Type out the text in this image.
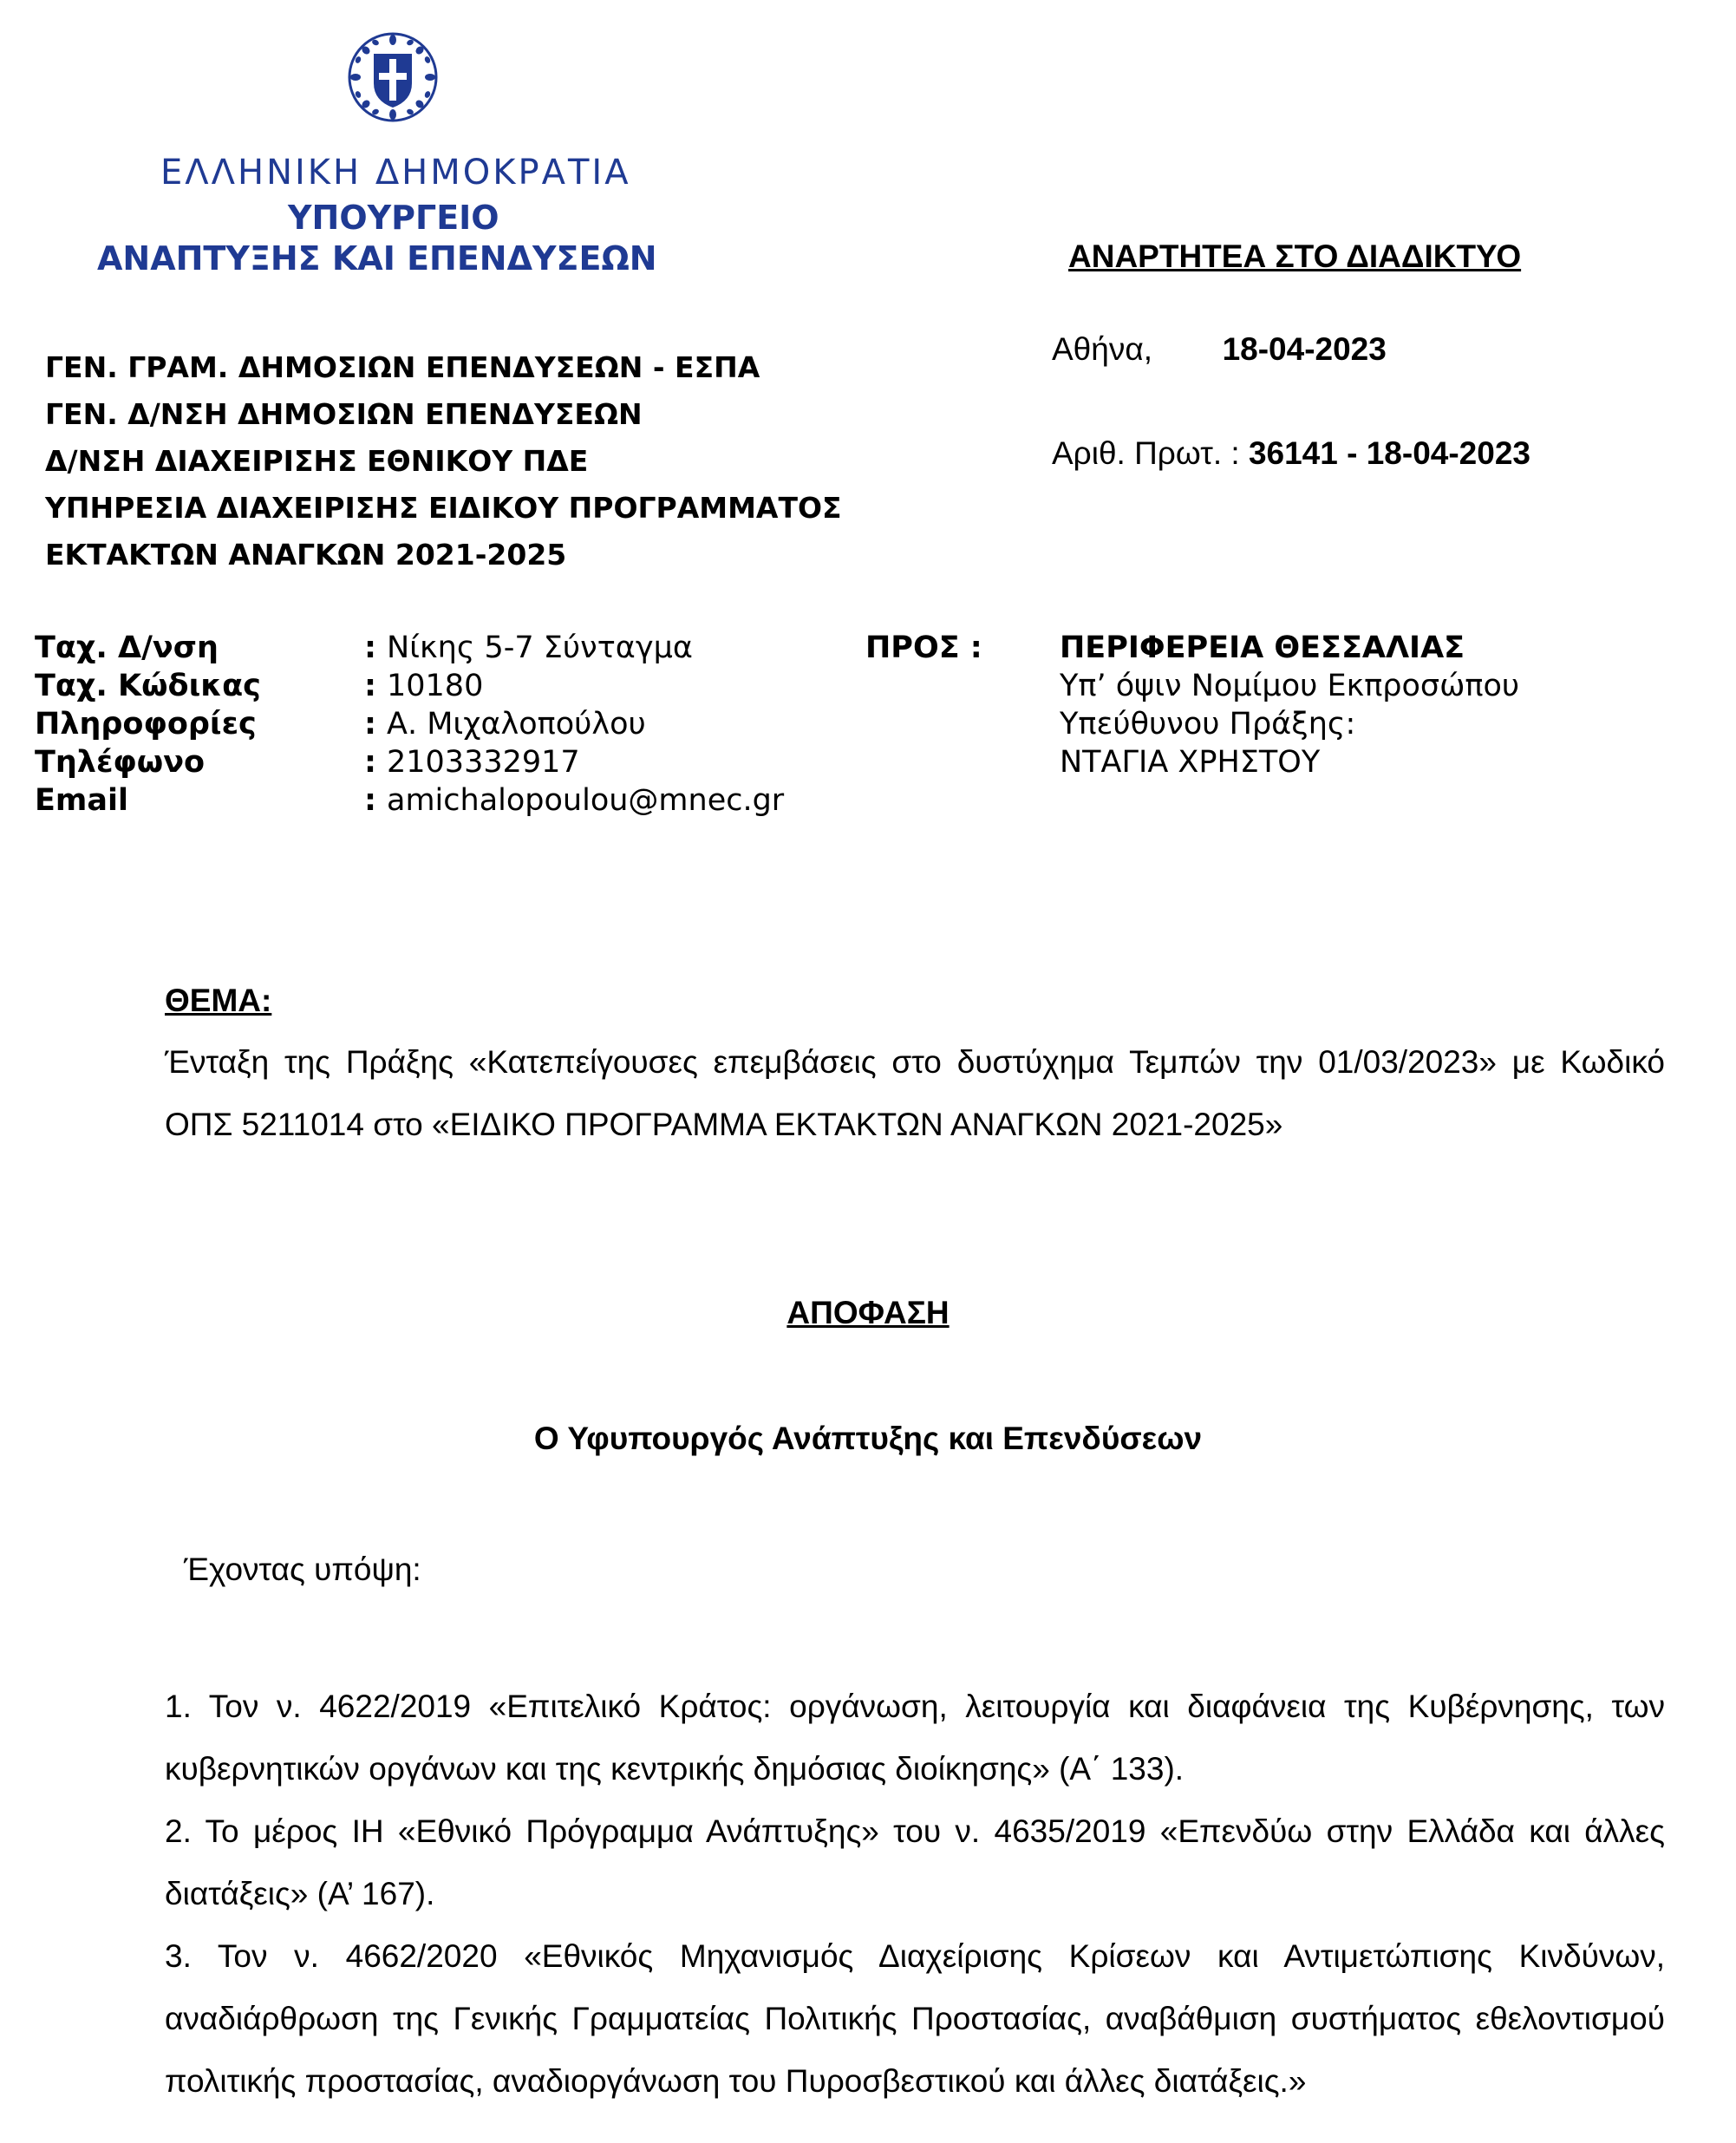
ΕΛΛΗΝΙΚΗ ΔΗΜΟΚΡΑΤΙΑ

ΥΠΟΥΡΓΕΙΟ

ΑΝΑΠΤΥΞΗΣ ΚΑΙ ΕΠΕΝΔΥΣΕΩΝ	ΑΝΑΡΤΗΤΕΑ ΣΤΟ ΔΙΑΔΙΚΤΥΟ

Αθήνα, 18-04-2023

Αριθ. Πρωτ. : 36141 - 18-04-2023

ΓΕΝ. ΓΡΑΜ. ΔΗΜΟΣΙΩΝ ΕΠΕΝΔΥΣΕΩΝ - ΕΣΠΑ
ΓΕΝ. Δ/ΝΣΗ ΔΗΜΟΣΙΩΝ ΕΠΕΝΔΥΣΕΩΝ
Δ/ΝΣΗ ΔΙΑΧΕΙΡΙΣΗΣ ΕΘΝΙΚΟΥ ΠΔΕ
ΥΠΗΡΕΣΙΑ ΔΙΑΧΕΙΡΙΣΗΣ ΕΙΔΙΚΟΥ ΠΡΟΓΡΑΜΜΑΤΟΣ
ΕΚΤΑΚΤΩΝ ΑΝΑΓΚΩΝ 2021-2025

Ταχ. Δ/νση	: Νίκης 5-7 Σύνταγμα

Ταχ. Κώδικας	: 10180

Πληροφορίες	: Α. Μιχαλοπούλου

Τηλέφωνο	: 2103332917

Email	: amichalopoulou@mnec.gr

ΠΡΟΣ :	ΠΕΡΙΦΕΡΕΙΑ ΘΕΣΣΑΛΙΑΣ

Υπ’ όψιν Νομίμου Εκπροσώπου

Υπεύθυνου Πράξης:

ΝΤΑΓΙΑ ΧΡΗΣΤΟΥ

ΘΕΜΑ:

Ένταξη της Πράξης «Κατεπείγουσες επεμβάσεις στο δυστύχημα Τεμπών την 01/03/2023» με Κωδικό ΟΠΣ 5211014 στο «ΕΙΔΙΚΟ ΠΡΟΓΡΑΜΜΑ ΕΚΤΑΚΤΩΝ ΑΝΑΓΚΩΝ 2021-2025»

ΑΠΟΦΑΣΗ

Ο Υφυπουργός Ανάπτυξης και Επενδύσεων

Έχοντας υπόψη:

1. Τον ν. 4622/2019 «Επιτελικό Κράτος: οργάνωση, λειτουργία και διαφάνεια της Κυβέρνησης, των κυβερνητικών οργάνων και της κεντρικής δημόσιας διοίκησης» (Α΄ 133).

2. Το μέρος ΙΗ «Εθνικό Πρόγραμμα Ανάπτυξης» του ν. 4635/2019 «Επενδύω στην Ελλάδα και άλλες διατάξεις» (Α’ 167).

3. Τον ν. 4662/2020 «Εθνικός Μηχανισμός Διαχείρισης Κρίσεων και Αντιμετώπισης Κινδύνων, αναδιάρθρωση της Γενικής Γραμματείας Πολιτικής Προστασίας, αναβάθμιση συστήματος εθελοντισμού πολιτικής προστασίας, αναδιοργάνωση του Πυροσβεστικού και άλλες διατάξεις.»
